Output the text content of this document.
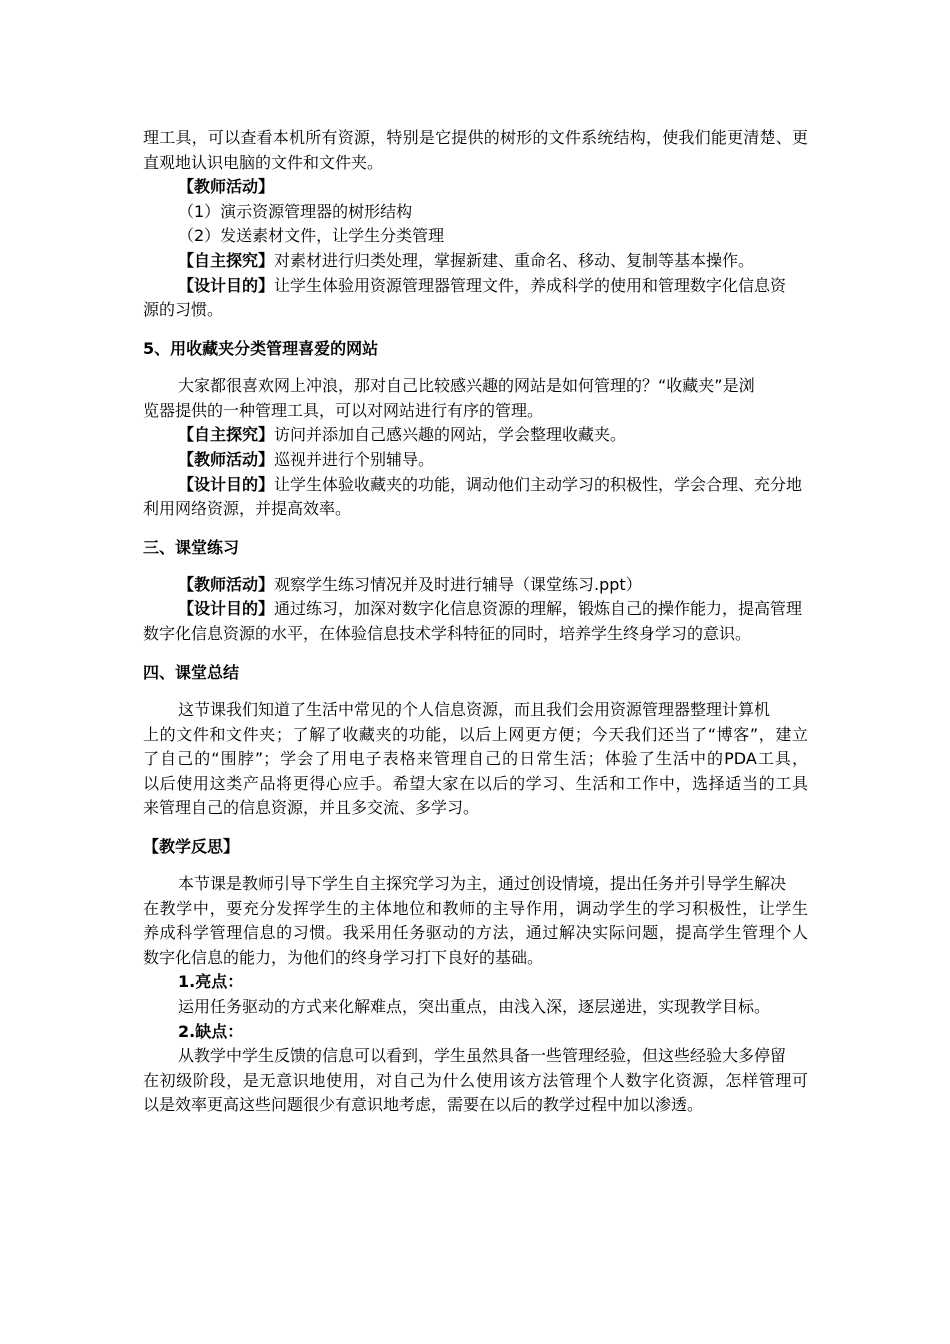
理工具，可以查看本机所有资源，特别是它提供的树形的文件系统结构，使我们能更清楚、更
直观地认识电脑的文件和文件夹。
【教师活动】
（1）演示资源管理器的树形结构
（2）发送素材文件，让学生分类管理
【自主探究】对素材进行归类处理，掌握新建、重命名、移动、复制等基本操作。
【设计目的】让学生体验用资源管理器管理文件，养成科学的使用和管理数字化信息资
源的习惯。
5、用收藏夹分类管理喜爱的网站
大家都很喜欢网上冲浪，那对自己比较感兴趣的网站是如何管理的？“收藏夹”是浏
览器提供的一种管理工具，可以对网站进行有序的管理。
【自主探究】访问并添加自己感兴趣的网站，学会整理收藏夹。
【教师活动】巡视并进行个别辅导。
【设计目的】让学生体验收藏夹的功能，调动他们主动学习的积极性，学会合理、充分地
利用网络资源，并提高效率。
三、课堂练习
【教师活动】观察学生练习情况并及时进行辅导（课堂练习.ppt）
【设计目的】通过练习，加深对数字化信息资源的理解，锻炼自己的操作能力，提高管理
数字化信息资源的水平，在体验信息技术学科特征的同时，培养学生终身学习的意识。
四、课堂总结
这节课我们知道了生活中常见的个人信息资源，而且我们会用资源管理器整理计算机
上的文件和文件夹；了解了收藏夹的功能，以后上网更方便；今天我们还当了“博客”，建立
了自己的“围脖”；学会了用电子表格来管理自己的日常生活；体验了生活中的PDA工具，
以后使用这类产品将更得心应手。希望大家在以后的学习、生活和工作中，选择适当的工具
来管理自己的信息资源，并且多交流、多学习。
【教学反思】
本节课是教师引导下学生自主探究学习为主，通过创设情境，提出任务并引导学生解决
在教学中，要充分发挥学生的主体地位和教师的主导作用，调动学生的学习积极性，让学生
养成科学管理信息的习惯。我采用任务驱动的方法，通过解决实际问题，提高学生管理个人
数字化信息的能力，为他们的终身学习打下良好的基础。
1.亮点：
运用任务驱动的方式来化解难点，突出重点，由浅入深，逐层递进，实现教学目标。
2.缺点：
从教学中学生反馈的信息可以看到，学生虽然具备一些管理经验，但这些经验大多停留
在初级阶段，是无意识地使用，对自己为什么使用该方法管理个人数字化资源，怎样管理可
以是效率更高这些问题很少有意识地考虑，需要在以后的教学过程中加以渗透。
